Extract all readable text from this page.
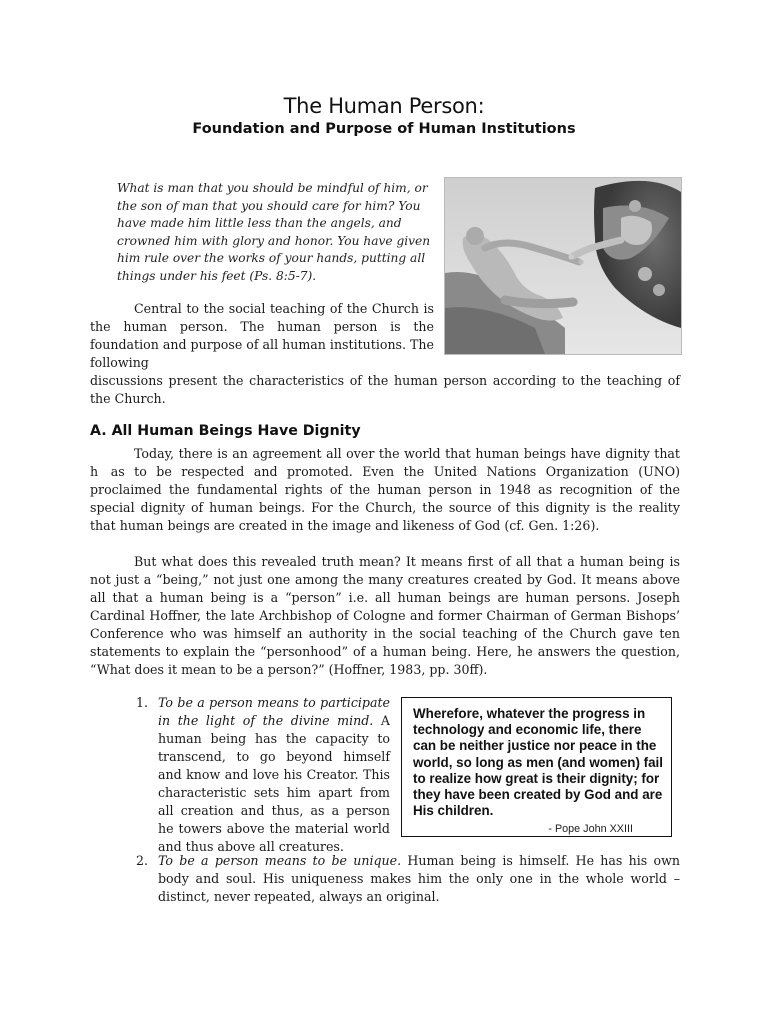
The Human Person:
Foundation and Purpose of Human Institutions
What is man that you should be mindful of him, or the son of man that you should care for him? You have made him little less than the angels, and crowned him with glory and honor. You have given him rule over the works of your hands, putting all things under his feet (Ps. 8:5-7).
Central to the social teaching of the Church is the human person. The human person is the foundation and purpose of all human institutions. The following
discussions present the characteristics of the human person according to the teaching of the Church.
A. All Human Beings Have Dignity

Today, there is an agreement all over the world that human beings have dignity that h as to be respected and promoted. Even the United Nations Organization (UNO) proclaimed the fundamental rights of the human person in 1948 as recognition of the special dignity of human beings. For the Church, the source of this dignity is the reality that human beings are created in the image and likeness of God (cf. Gen. 1:26).

But what does this revealed truth mean? It means first of all that a human being is not just a “being,” not just one among the many creatures created by God. It means above all that a human being is a “person” i.e. all human beings are human persons. Joseph Cardinal Hoffner, the late Archbishop of Cologne and former Chairman of German Bishops’ Conference who was himself an authority in the social teaching of the Church gave ten statements to explain the “personhood” of a human being. Here, he answers the question, “What does it mean to be a person?” (Hoffner, 1983, pp. 30ff).

1. To be a person means to participate in the light of the divine mind. A human being has the capacity to transcend, to go beyond himself and know and love his Creator. This characteristic sets him apart from all creation and thus, as a person he towers above the material world and thus above all creatures.
Wherefore, whatever the progress in technology and economic life, there can be neither justice nor peace in the world, so long as men (and women) fail to realize how great is their dignity; for they have been created by God and are His children.
- Pope John XXIII
2. To be a person means to be unique. Human being is himself. He has his own body and soul. His uniqueness makes him the only one in the whole world – distinct, never repeated, always an original.
